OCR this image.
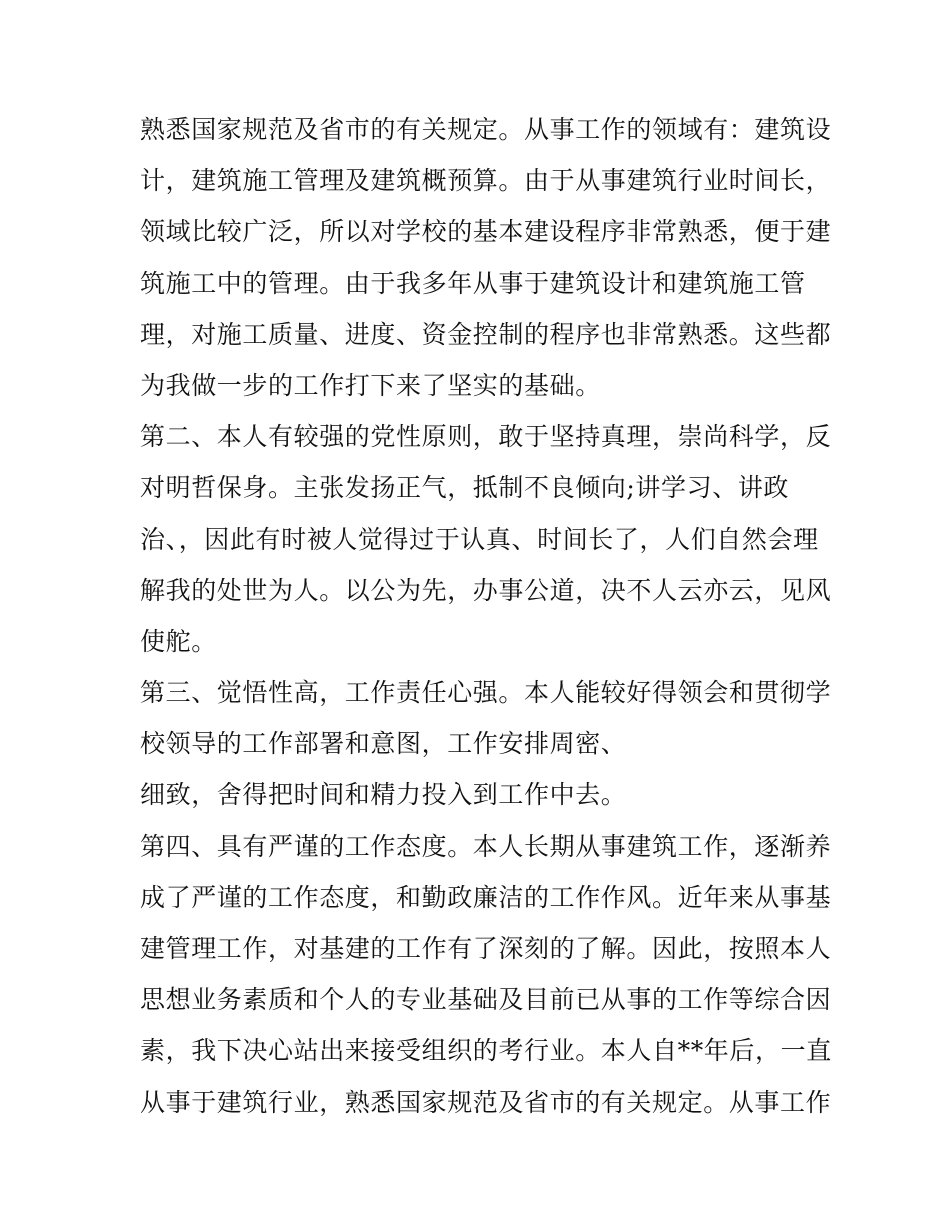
熟悉国家规范及省市的有关规定。从事工作的领域有：建筑设
计，建筑施工管理及建筑概预算。由于从事建筑行业时间长，
领域比较广泛，所以对学校的基本建设程序非常熟悉，便于建
筑施工中的管理。由于我多年从事于建筑设计和建筑施工管
理，对施工质量、进度、资金控制的程序也非常熟悉。这些都
为我做一步的工作打下来了坚实的基础。
第二、本人有较强的党性原则，敢于坚持真理，崇尚科学，反
对明哲保身。主张发扬正气，抵制不良倾向;讲学习、讲政
治、，因此有时被人觉得过于认真、时间长了，人们自然会理
解我的处世为人。以公为先，办事公道，决不人云亦云，见风
使舵。
第三、觉悟性高，工作责任心强。本人能较好得领会和贯彻学
校领导的工作部署和意图，工作安排周密、
细致，舍得把时间和精力投入到工作中去。
第四、具有严谨的工作态度。本人长期从事建筑工作，逐渐养
成了严谨的工作态度，和勤政廉洁的工作作风。近年来从事基
建管理工作，对基建的工作有了深刻的了解。因此，按照本人
思想业务素质和个人的专业基础及目前已从事的工作等综合因
素，我下决心站出来接受组织的考行业。本人自**年后，一直
从事于建筑行业，熟悉国家规范及省市的有关规定。从事工作
